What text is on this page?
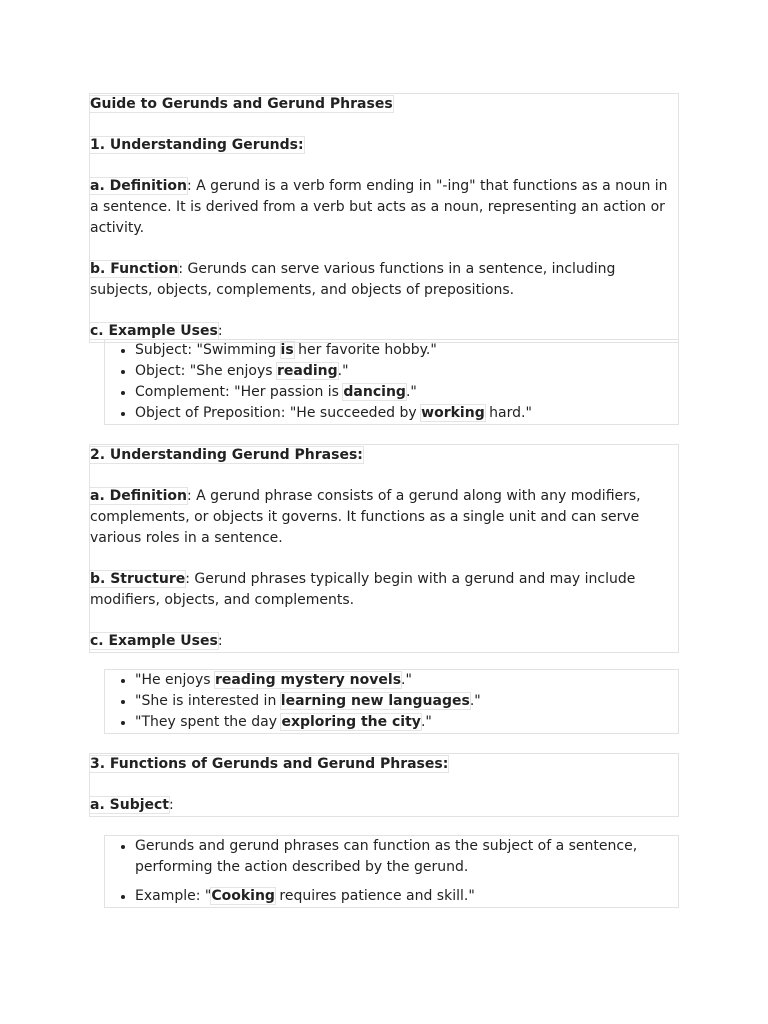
Guide to Gerunds and Gerund Phrases

1. Understanding Gerunds:

a. Definition: A gerund is a verb form ending in "-ing" that functions as a noun in a sentence. It is derived from a verb but acts as a noun, representing an action or activity.

b. Function: Gerunds can serve various functions in a sentence, including subjects, objects, complements, and objects of prepositions.

c. Example Uses:

• Subject: "Swimming is her favorite hobby."
• Object: "She enjoys reading."
• Complement: "Her passion is dancing."
• Object of Preposition: "He succeeded by working hard."

2. Understanding Gerund Phrases:

a. Definition: A gerund phrase consists of a gerund along with any modifiers, complements, or objects it governs. It functions as a single unit and can serve various roles in a sentence.

b. Structure: Gerund phrases typically begin with a gerund and may include modifiers, objects, and complements.

c. Example Uses:

• "He enjoys reading mystery novels."
• "She is interested in learning new languages."
• "They spent the day exploring the city."

3. Functions of Gerunds and Gerund Phrases:

a. Subject:

• Gerunds and gerund phrases can function as the subject of a sentence, performing the action described by the gerund.
• Example: "Cooking requires patience and skill."
